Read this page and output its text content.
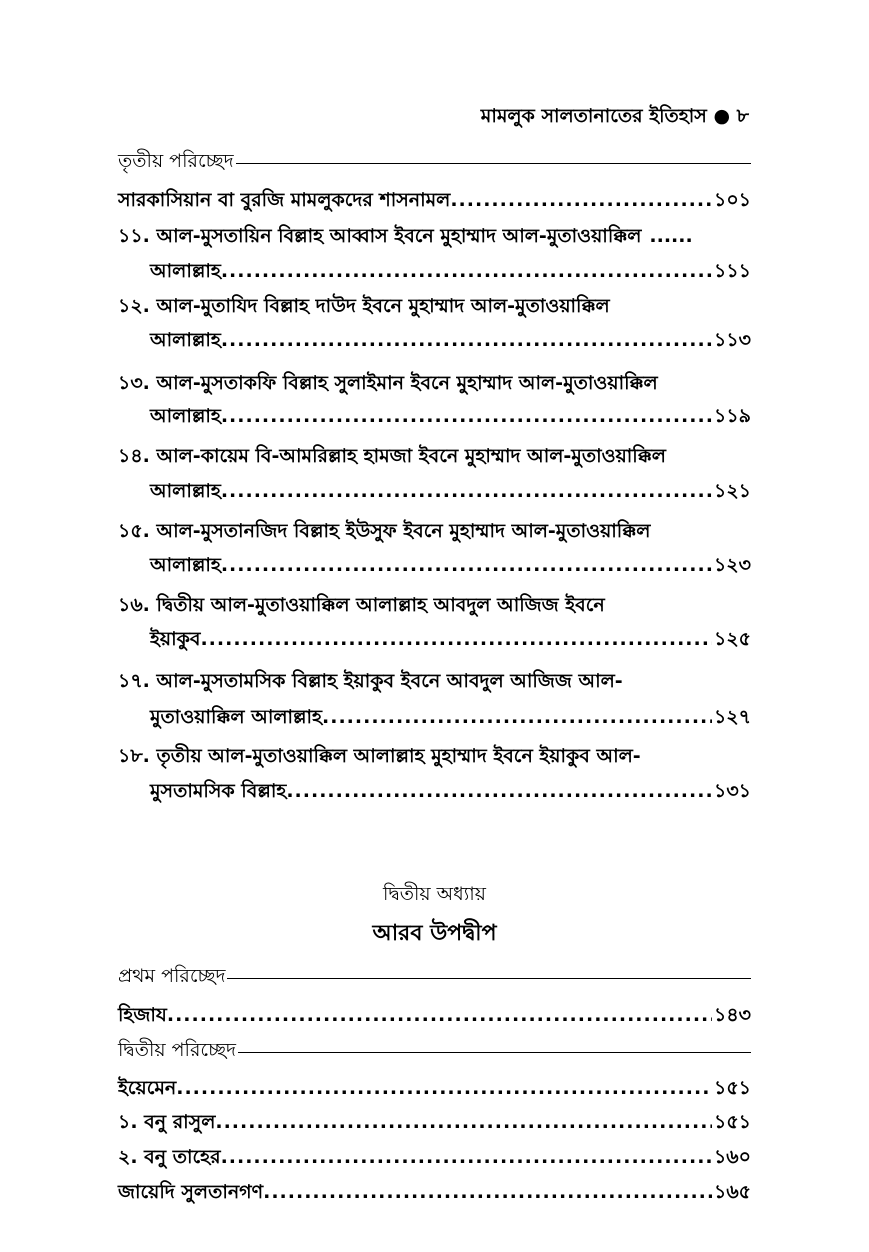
মামলুক সালতানাতের ইতিহাস ● ৮
তৃতীয় পরিচ্ছেদ
সারকাসিয়ান বা বুরজি মামলুকদের শাসনামল .....	১০১
১১. আল-মুসতায়িন বিল্লাহ আব্বাস ইবনে মুহাম্মাদ আল-মুতাওয়াক্কিল ......
আলাল্লাহ .....	১১১
১২. আল-মুতাযিদ বিল্লাহ দাউদ ইবনে মুহাম্মাদ আল-মুতাওয়াক্কিল
আলাল্লাহ .....	১১৩
১৩. আল-মুসতাকফি বিল্লাহ সুলাইমান ইবনে মুহাম্মাদ আল-মুতাওয়াক্কিল
আলাল্লাহ .....	১১৯
১৪. আল-কায়েম বি-আমরিল্লাহ হামজা ইবনে মুহাম্মাদ আল-মুতাওয়াক্কিল
আলাল্লাহ .....	১২১
১৫. আল-মুসতানজিদ বিল্লাহ ইউসুফ ইবনে মুহাম্মাদ আল-মুতাওয়াক্কিল
আলাল্লাহ .....	১২৩
১৬. দ্বিতীয় আল-মুতাওয়াক্কিল আলাল্লাহ আবদুল আজিজ ইবনে
ইয়াকুব .....	১২৫
১৭. আল-মুসতামসিক বিল্লাহ ইয়াকুব ইবনে আবদুল আজিজ আল-
মুতাওয়াক্কিল আলাল্লাহ .....	১২৭
১৮. তৃতীয় আল-মুতাওয়াক্কিল আলাল্লাহ মুহাম্মাদ ইবনে ইয়াকুব আল-
মুসতামসিক বিল্লাহ .....	১৩১
দ্বিতীয় অধ্যায়
আরব উপদ্বীপ
প্রথম পরিচ্ছেদ
হিজায .....	১৪৩
দ্বিতীয় পরিচ্ছেদ
ইয়েমেন .....	১৫১
১. বনু রাসুল .....	১৫১
২. বনু তাহের .....	১৬০
জায়েদি সুলতানগণ .....	১৬৫
